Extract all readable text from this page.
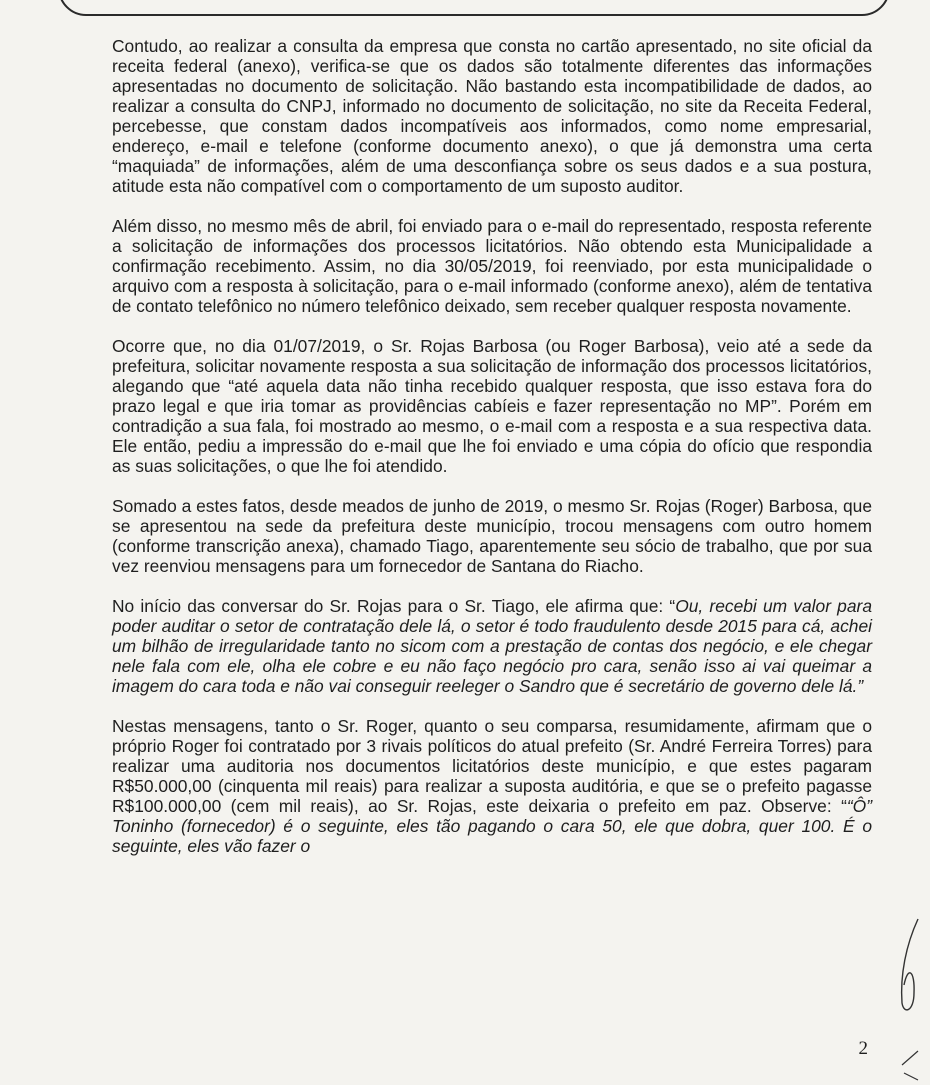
Contudo, ao realizar a consulta da empresa que consta no cartão apresentado, no site oficial da receita federal (anexo), verifica-se que os dados são totalmente diferentes das informações apresentadas no documento de solicitação. Não bastando esta incompatibilidade de dados, ao realizar a consulta do CNPJ, informado no documento de solicitação, no site da Receita Federal, percebesse, que constam dados incompatíveis aos informados, como nome empresarial, endereço, e-mail e telefone (conforme documento anexo), o que já demonstra uma certa “maquiada” de informações, além de uma desconfiança sobre os seus dados e a sua postura, atitude esta não compatível com o comportamento de um suposto auditor.

Além disso, no mesmo mês de abril, foi enviado para o e-mail do representado, resposta referente a solicitação de informações dos processos licitatórios. Não obtendo esta Municipalidade a confirmação recebimento. Assim, no dia 30/05/2019, foi reenviado, por esta municipalidade o arquivo com a resposta à solicitação, para o e-mail informado (conforme anexo), além de tentativa de contato telefônico no número telefônico deixado, sem receber qualquer resposta novamente.

Ocorre que, no dia 01/07/2019, o Sr. Rojas Barbosa (ou Roger Barbosa), veio até a sede da prefeitura, solicitar novamente resposta a sua solicitação de informação dos processos licitatórios, alegando que “até aquela data não tinha recebido qualquer resposta, que isso estava fora do prazo legal e que iria tomar as providências cabíeis e fazer representação no MP”. Porém em contradição a sua fala, foi mostrado ao mesmo, o e-mail com a resposta e a sua respectiva data. Ele então, pediu a impressão do e-mail que lhe foi enviado e uma cópia do ofício que respondia as suas solicitações, o que lhe foi atendido.

Somado a estes fatos, desde meados de junho de 2019, o mesmo Sr. Rojas (Roger) Barbosa, que se apresentou na sede da prefeitura deste município, trocou mensagens com outro homem (conforme transcrição anexa), chamado Tiago, aparentemente seu sócio de trabalho, que por sua vez reenviou mensagens para um fornecedor de Santana do Riacho.

No início das conversar do Sr. Rojas para o Sr. Tiago, ele afirma que: “Ou, recebi um valor para poder auditar o setor de contratação dele lá, o setor é todo fraudulento desde 2015 para cá, achei um bilhão de irregularidade tanto no sicom com a prestação de contas dos negócio, e ele chegar nele fala com ele, olha ele cobre e eu não faço negócio pro cara, senão isso ai vai queimar a imagem do cara toda e não vai conseguir reeleger o Sandro que é secretário de governo dele lá.”

Nestas mensagens, tanto o Sr. Roger, quanto o seu comparsa, resumidamente, afirmam que o próprio Roger foi contratado por 3 rivais políticos do atual prefeito (Sr. André Ferreira Torres) para realizar uma auditoria nos documentos licitatórios deste município, e que estes pagaram R$50.000,00 (cinquenta mil reais) para realizar a suposta auditória, e que se o prefeito pagasse R$100.000,00 (cem mil reais), ao Sr. Rojas, este deixaria o prefeito em paz. Observe: ““Ô” Toninho (fornecedor) é o seguinte, eles tão pagando o cara 50, ele que dobra, quer 100. É o seguinte, eles vão fazer o

2
